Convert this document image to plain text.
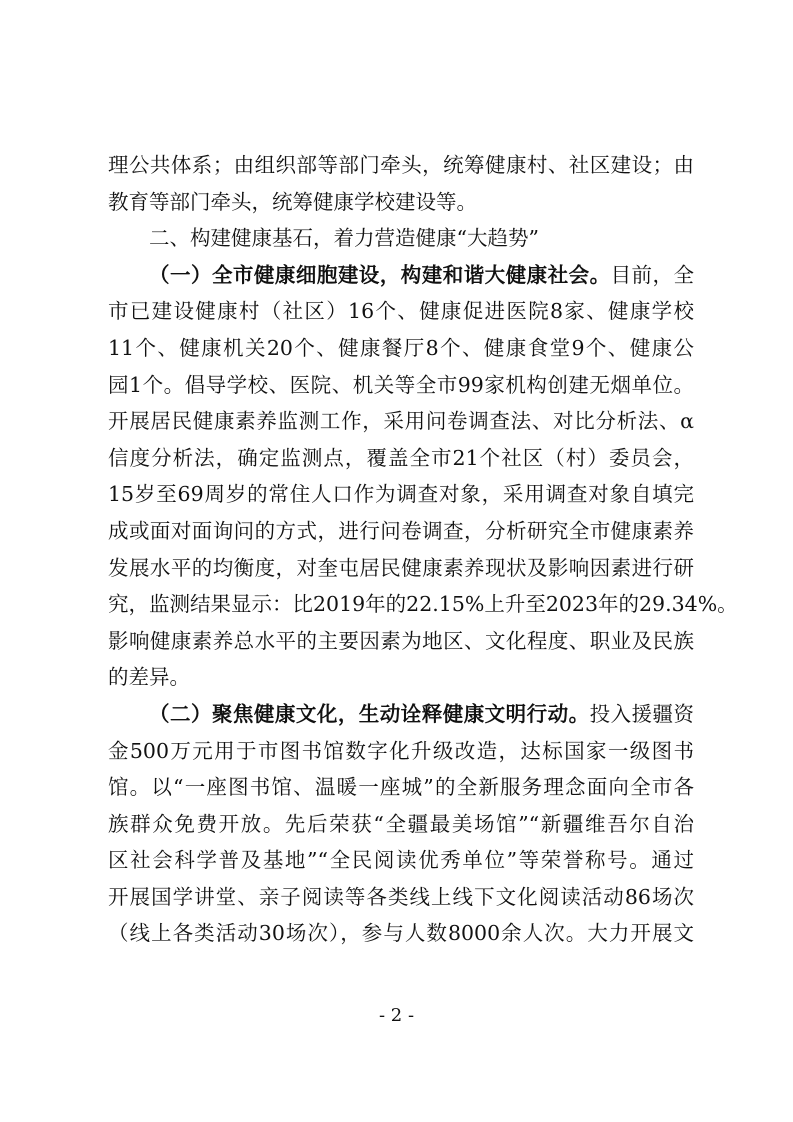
理公共体系；由组织部等部门牵头，统筹健康村、社区建设；由
教育等部门牵头，统筹健康学校建设等。
二、构建健康基石，着力营造健康“大趋势”
（一）全市健康细胞建设，构建和谐大健康社会。目前，全
市已建设健康村（社区）16个、健康促进医院8家、健康学校
11个、健康机关20个、健康餐厅8个、健康食堂9个、健康公
园1个。倡导学校、医院、机关等全市99家机构创建无烟单位。
开展居民健康素养监测工作，采用问卷调查法、对比分析法、α
信度分析法，确定监测点，覆盖全市21个社区（村）委员会，
15岁至69周岁的常住人口作为调查对象，采用调查对象自填完
成或面对面询问的方式，进行问卷调查，分析研究全市健康素养
发展水平的均衡度，对奎屯居民健康素养现状及影响因素进行研
究，监测结果显示：比2019年的22.15%上升至2023年的29.34%。
影响健康素养总水平的主要因素为地区、文化程度、职业及民族
的差异。
（二）聚焦健康文化，生动诠释健康文明行动。投入援疆资
金500万元用于市图书馆数字化升级改造，达标国家一级图书
馆。以“一座图书馆、温暖一座城”的全新服务理念面向全市各
族群众免费开放。先后荣获“全疆最美场馆”“新疆维吾尔自治
区社会科学普及基地”“全民阅读优秀单位”等荣誉称号。通过
开展国学讲堂、亲子阅读等各类线上线下文化阅读活动86场次
（线上各类活动30场次），参与人数8000余人次。大力开展文
- 2 -
